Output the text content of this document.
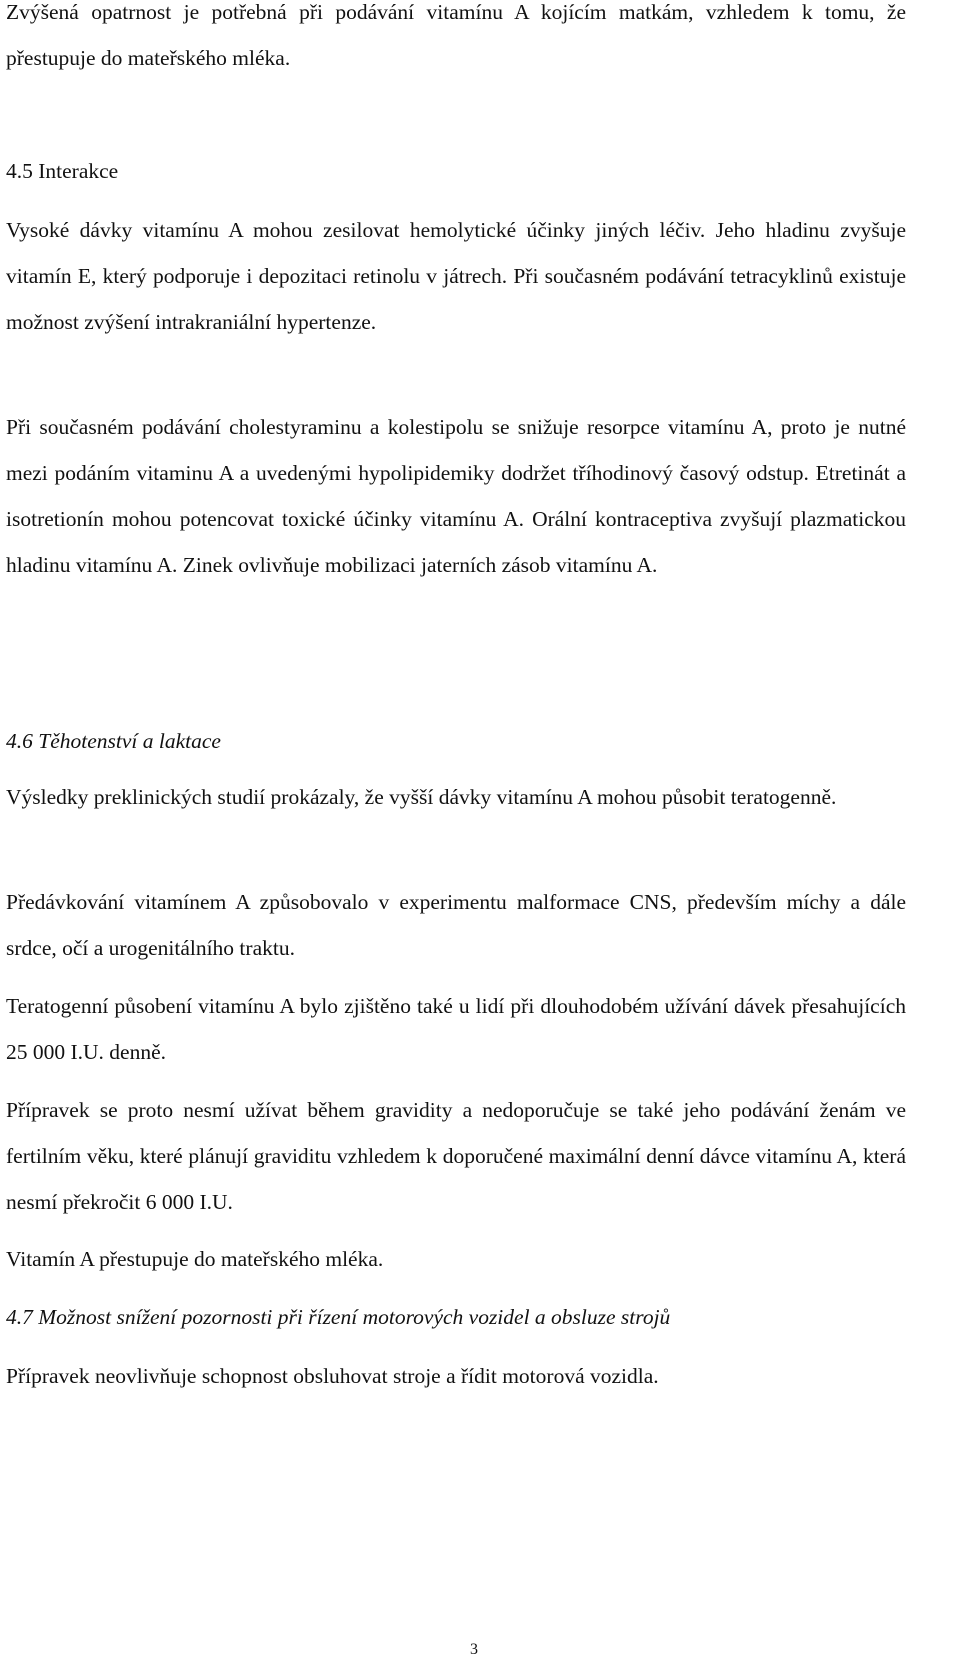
Zvýšená opatrnost je potřebná při podávání vitamínu A kojícím matkám, vzhledem k tomu, že přestupuje do mateřského mléka.

4.5 Interakce

Vysoké dávky vitamínu A mohou zesilovat hemolytické účinky jiných léčiv. Jeho hladinu zvyšuje vitamín E, který podporuje i depozitaci retinolu v játrech. Při současném podávání tetracyklinů existuje možnost zvýšení intrakraniální hypertenze.

Při současném podávání cholestyraminu a kolestipolu se snižuje resorpce vitamínu A, proto je nutné mezi podáním vitaminu A a uvedenými hypolipidemiky dodržet tříhodinový časový odstup. Etretinát a isotretionín mohou potencovat toxické účinky vitamínu A. Orální kontraceptiva zvyšují plazmatickou hladinu vitamínu A. Zinek ovlivňuje mobilizaci jaterních zásob vitamínu A.

4.6 Těhotenství a laktace

Výsledky preklinických studií prokázaly, že vyšší dávky vitamínu A mohou působit teratogenně.

Předávkování vitamínem A způsobovalo v experimentu malformace CNS, především míchy a dále srdce, očí a urogenitálního traktu.

Teratogenní působení vitamínu A bylo zjištěno také u lidí při dlouhodobém užívání dávek přesahujících 25 000 I.U. denně.

Přípravek se proto nesmí užívat během gravidity a nedoporučuje se také jeho podávání ženám ve fertilním věku, které plánují graviditu vzhledem k doporučené maximální denní dávce vitamínu A, která nesmí překročit 6 000 I.U.

Vitamín A přestupuje do mateřského mléka.

4.7 Možnost snížení pozornosti při řízení motorových vozidel a obsluze strojů

Přípravek neovlivňuje schopnost obsluhovat stroje a řídit motorová vozidla.

3
